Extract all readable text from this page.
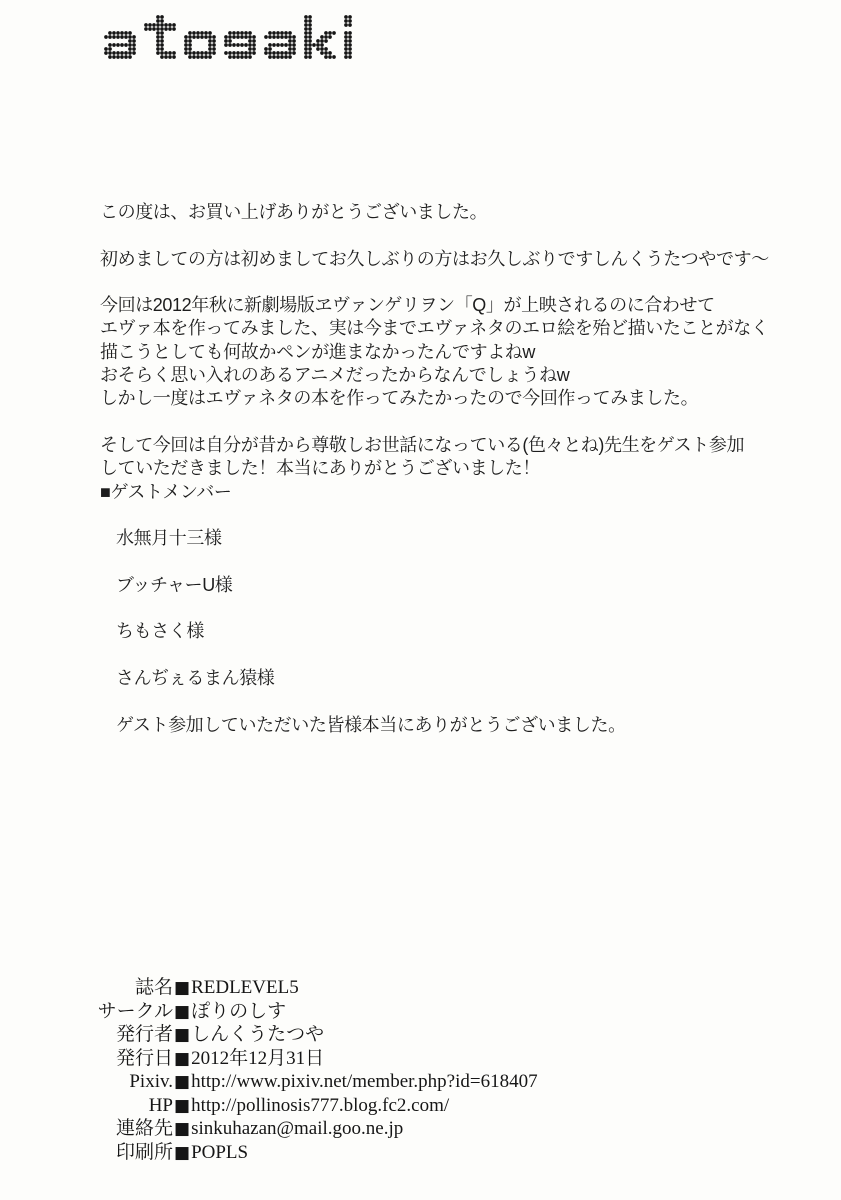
この度は、お買い上げありがとうございました。

初めましての方は初めましてお久しぶりの方はお久しぶりですしんくうたつやです～

今回は2012年秋に新劇場版ヱヴァンゲリヲン「Q」が上映されるのに合わせて
エヴァ本を作ってみました、実は今までエヴァネタのエロ絵を殆ど描いたことがなく
描こうとしても何故かペンが進まなかったんですよねw
おそらく思い入れのあるアニメだったからなんでしょうねw
しかし一度はエヴァネタの本を作ってみたかったので今回作ってみました。

そして今回は自分が昔から尊敬しお世話になっている(色々とね)先生をゲスト参加
していただきました！本当にありがとうございました！
■ゲストメンバー

水無月十三様

ブッチャーU様

ちもさく様

さんぢぇるまん猿様

ゲスト参加していただいた皆様本当にありがとうございました。
誌名 ■ REDLEVEL5
サークル ■ ぽりのしす
発行者 ■ しんくうたつや
発行日 ■ 2012年12月31日
Pixiv. ■ http://www.pixiv.net/member.php?id=618407
HP ■ http://pollinosis777.blog.fc2.com/
連絡先 ■ sinkuhazan@mail.goo.ne.jp
印刷所 ■ POPLS
